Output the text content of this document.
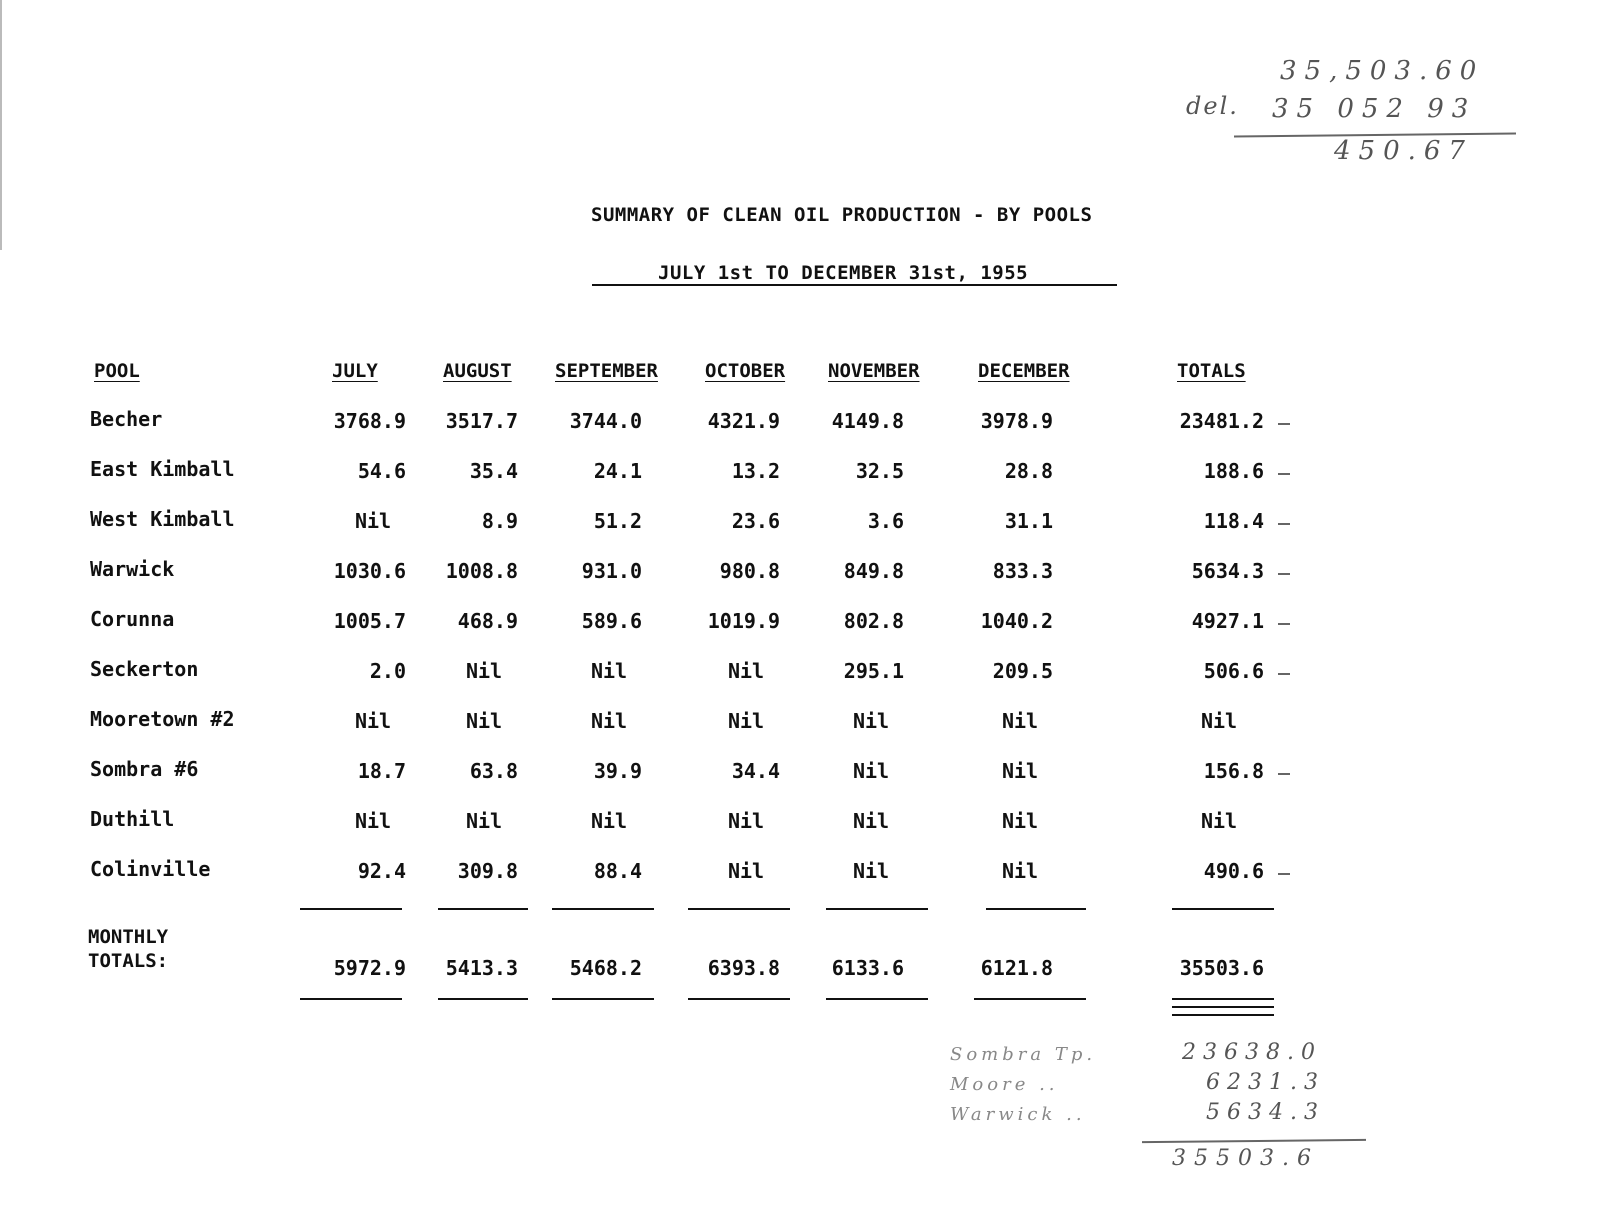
35,503.60
del. 35 052 93
450.67
SUMMARY OF CLEAN OIL PRODUCTION - BY POOLS
JULY 1st TO DECEMBER 31st, 1955
POOL	JULY	AUGUST SEPTEMBER OCTOBER NOVEMBER	DECEMBER	TOTALS
Becher	3768.9	3517.7	3744.0	4321.9	4149.8	3978.9	23481.2
East Kimball	54.6	35.4	24.1	13.2	32.5	28.8	188.6
West Kimball	Nil	8.9	51.2	23.6	3.6	31.1	118.4
Warwick	1030.6	1008.8	931.0	980.8	849.8	833.3	5634.3
Corunna	1005.7	468.9	589.6	1019.9	802.8	1040.2	4927.1
Seckerton	2.0	Nil	Nil	Nil	295.1	209.5	506.6
Mooretown #2	Nil	Nil	Nil	Nil	Nil	Nil	Nil
Sombra #6	18.7	63.8	39.9	34.4	Nil	Nil	156.8
Duthill	Nil	Nil	Nil	Nil	Nil	Nil	Nil
Colinville	92.4	309.8	88.4	Nil	Nil	Nil	490.6
MONTHLY
TOTALS:	5972.9	5413.3	5468.2	6393.8	6133.6	6121.8	35503.6
Sombra Tp.	23638.0
Moore ..	6231.3
Warwick ..	5634.3
35503.6
